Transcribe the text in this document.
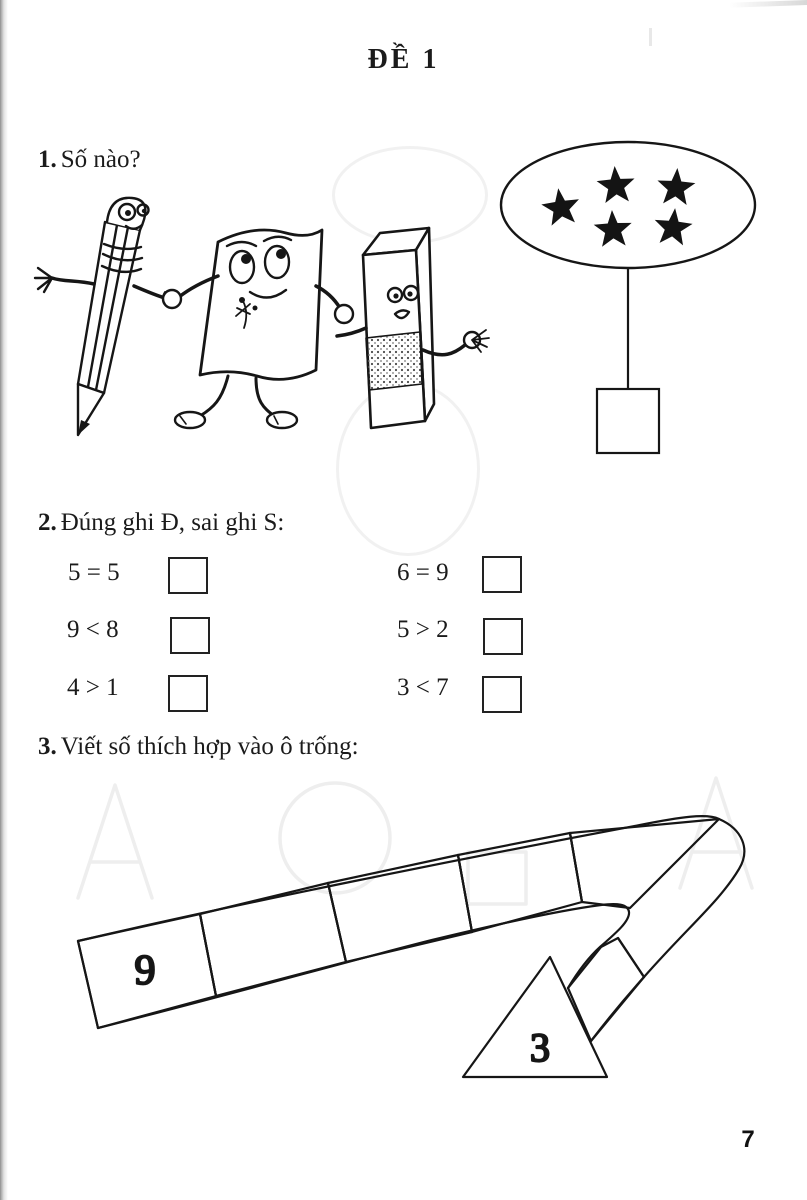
ĐỀ 1
1. Số nào?
2. Đúng ghi Đ, sai ghi S:
5 = 5
9 < 8
4 > 1
6 = 9
5 > 2
3 < 7
3. Viết số thích hợp vào ô trống:
9
3
7
